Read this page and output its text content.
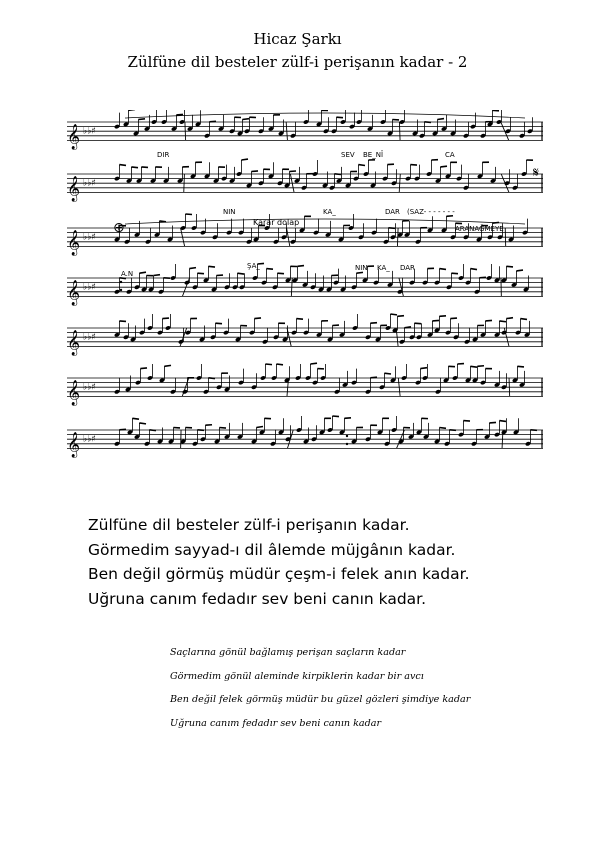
Hicaz Şarkı
Zülfüne dil besteler zülf-i perişanın kadar - 2
𝄞 ♭♭♯
𝄞 ♭♭♯
𝄞 ♭♭♯
𝄞 ♭♭♯
𝄞 ♭♭♯
𝄞 ♭♭♯
𝄞 ♭♭♯
DIR	SEV BE_NÎ	CA
NIN	KA_	DAR (SAZ- - - - - - -
Karar dolap
ŞA_	NIN KA_ DAR
ARANAĞMEYE
A.N
⊕
𝄋
Zülfüne dil besteler zülf-i perişanın kadar.
Görmedim sayyad-ı dil âlemde müjgânın kadar.
Ben değil görmüş müdür çeşm-i felek anın kadar.
Uğruna canım fedadır sev beni canın kadar.
Saçlarına gönül bağlamış perişan saçların kadar
Görmedim gönül aleminde kirpiklerin kadar bir avcı
Ben değil felek görmüş müdür bu güzel gözleri şimdiye kadar
Uğruna canım fedadır sev beni canın kadar
